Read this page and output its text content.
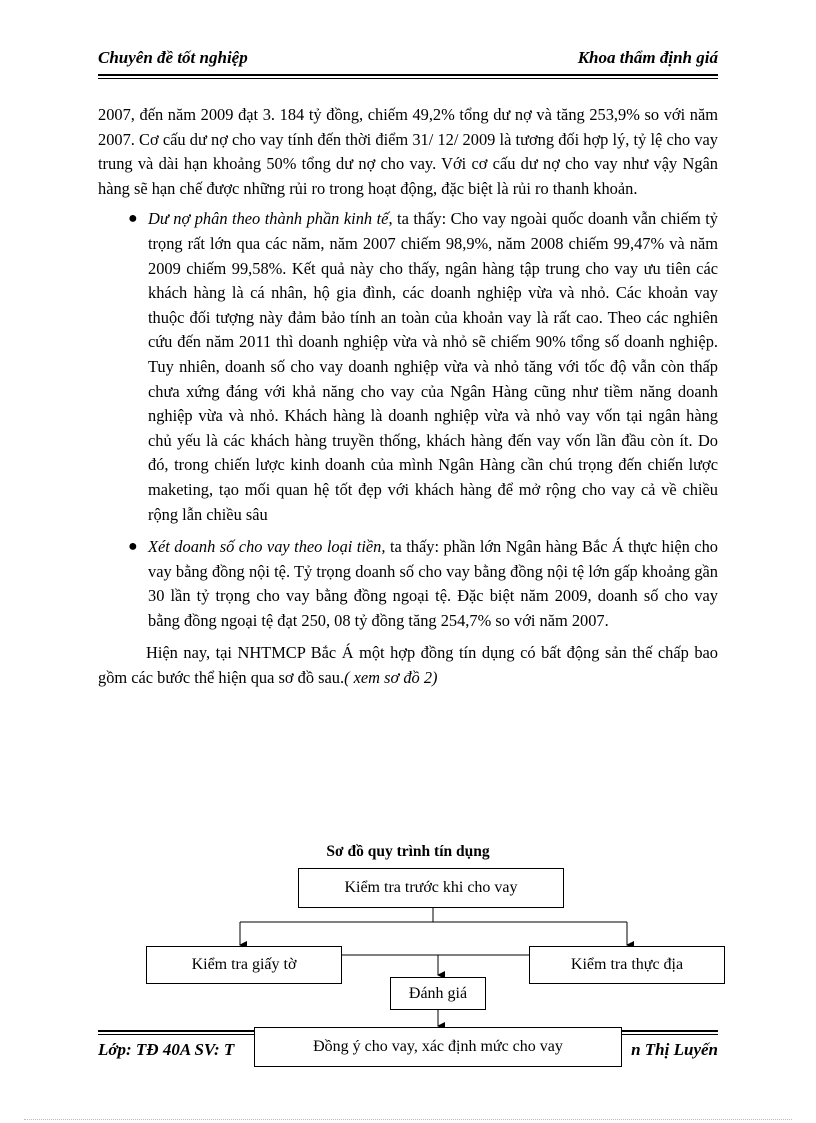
Chuyên đề tốt nghiệp	Khoa thẩm định giá

2007, đến năm 2009 đạt 3. 184 tỷ đồng, chiếm 49,2% tổng dư nợ và tăng 253,9% so với năm 2007. Cơ cấu dư nợ cho vay tính đến thời điểm 31/ 12/ 2009 là tương đối hợp lý, tỷ lệ cho vay trung và dài hạn khoảng 50% tổng dư nợ cho vay. Với cơ cấu dư nợ cho vay như vậy Ngân hàng sẽ hạn chế được những rủi ro trong hoạt động, đặc biệt là rủi ro thanh khoản.

● Dư nợ phân theo thành phần kinh tế, ta thấy: Cho vay ngoài quốc doanh vẫn chiếm tỷ trọng rất lớn qua các năm, năm 2007 chiếm 98,9%, năm 2008 chiếm 99,47% và năm 2009 chiếm 99,58%. Kết quả này cho thấy, ngân hàng tập trung cho vay ưu tiên các khách hàng là cá nhân, hộ gia đình, các doanh nghiệp vừa và nhỏ. Các khoản vay thuộc đối tượng này đảm bảo tính an toàn của khoản vay là rất cao. Theo các nghiên cứu đến năm 2011 thì doanh nghiệp vừa và nhỏ sẽ chiếm 90% tổng số doanh nghiệp. Tuy nhiên, doanh số cho vay doanh nghiệp vừa và nhỏ tăng với tốc độ vẫn còn thấp chưa xứng đáng với khả năng cho vay của Ngân Hàng cũng như tiềm năng doanh nghiệp vừa và nhỏ. Khách hàng là doanh nghiệp vừa và nhỏ vay vốn tại ngân hàng chủ yếu là các khách hàng truyền thống, khách hàng đến vay vốn lần đầu còn ít. Do đó, trong chiến lược kinh doanh của mình Ngân Hàng cần chú trọng đến chiến lược maketing, tạo mối quan hệ tốt đẹp với khách hàng để mở rộng cho vay cả về chiều rộng lẫn chiều sâu
● Xét doanh số cho vay theo loại tiền, ta thấy: phần lớn Ngân hàng Bắc Á thực hiện cho vay bằng đồng nội tệ. Tỷ trọng doanh số cho vay bằng đồng nội tệ lớn gấp khoảng gần 30 lần tỷ trọng cho vay bằng đồng ngoại tệ. Đặc biệt năm 2009, doanh số cho vay bằng đồng ngoại tệ đạt 250, 08 tỷ đồng tăng 254,7% so với năm 2007.

Hiện nay, tại NHTMCP Bắc Á một hợp đồng tín dụng có bất động sản thế chấp bao gồm các bước thể hiện qua sơ đồ sau.( xem sơ đồ 2)

Sơ đồ quy trình tín dụng
Kiểm tra trước khi cho vay
Kiểm tra giấy tờ	Kiểm tra thực địa
Đánh giá
Lớp: TĐ 40A SV: T	n Thị Luyến
Đồng ý cho vay, xác định mức cho vay
